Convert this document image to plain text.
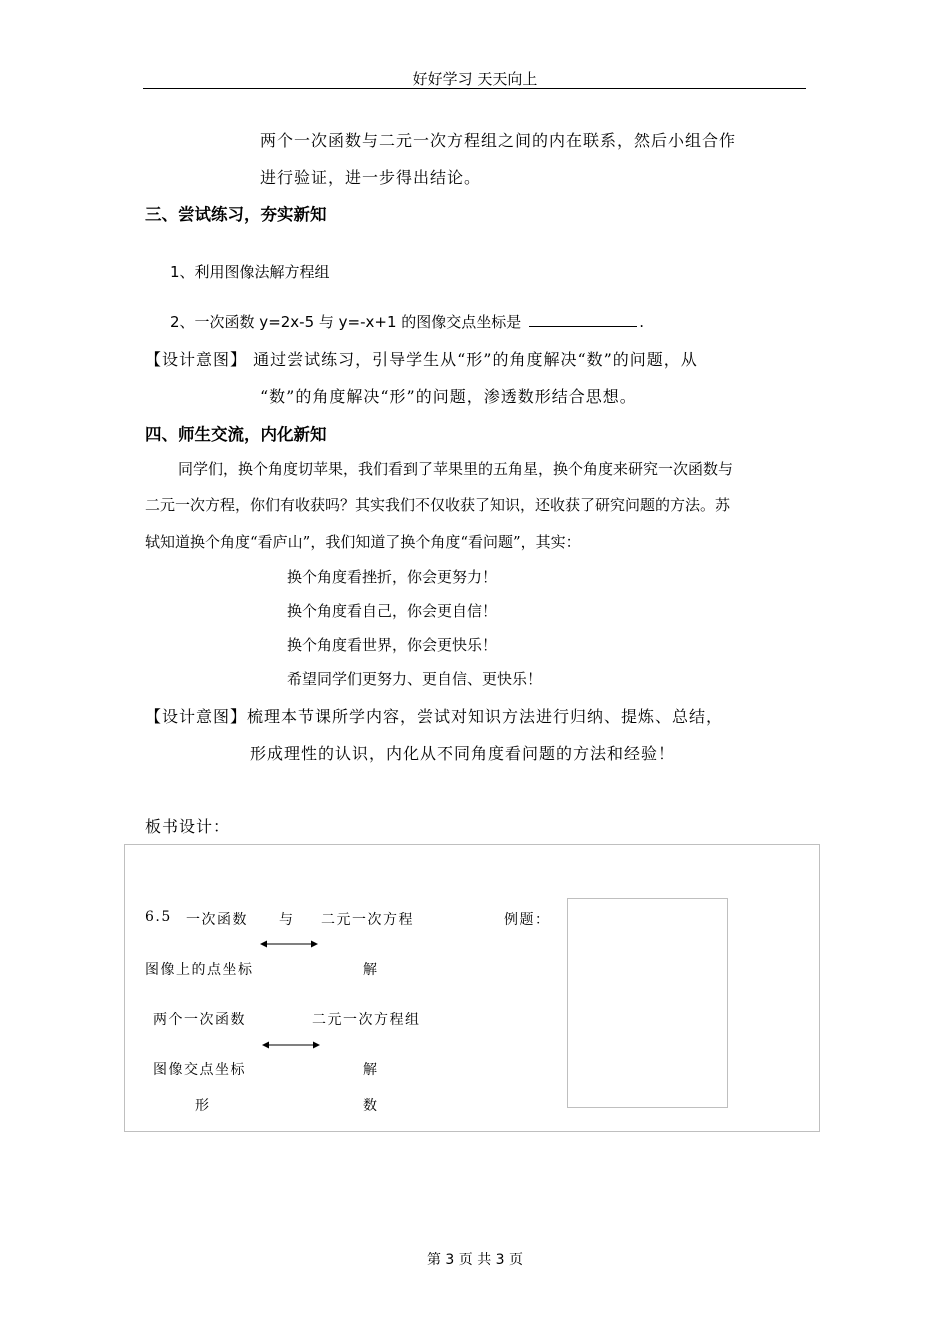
好好学习 天天向上
两个一次函数与二元一次方程组之间的内在联系，然后小组合作
进行验证，进一步得出结论。
三、尝试练习，夯实新知
1、利用图像法解方程组
2、一次函数 y=2x-5 与 y=-x+1 的图像交点坐标是	.
【设计意图】 通过尝试练习，引导学生从“形”的角度解决“数”的问题，从
“数”的角度解决“形”的问题，渗透数形结合思想。
四、师生交流，内化新知
同学们，换个角度切苹果，我们看到了苹果里的五角星，换个角度来研究一次函数与
二元一次方程，你们有收获吗？其实我们不仅收获了知识，还收获了研究问题的方法。苏
轼知道换个角度“看庐山”，我们知道了换个角度“看问题”，其实：
换个角度看挫折，你会更努力！
换个角度看自己，你会更自信！
换个角度看世界，你会更快乐！
希望同学们更努力、更自信、更快乐！
【设计意图】梳理本节课所学内容，尝试对知识方法进行归纳、提炼、总结，
形成理性的认识，内化从不同角度看问题的方法和经验！
板书设计：
6.5 一次函数 与 二元一次方程	例题：
图像上的点坐标	解
两个一次函数	二元一次方程组
图像交点坐标	解
形	数
第 3 页 共 3 页
